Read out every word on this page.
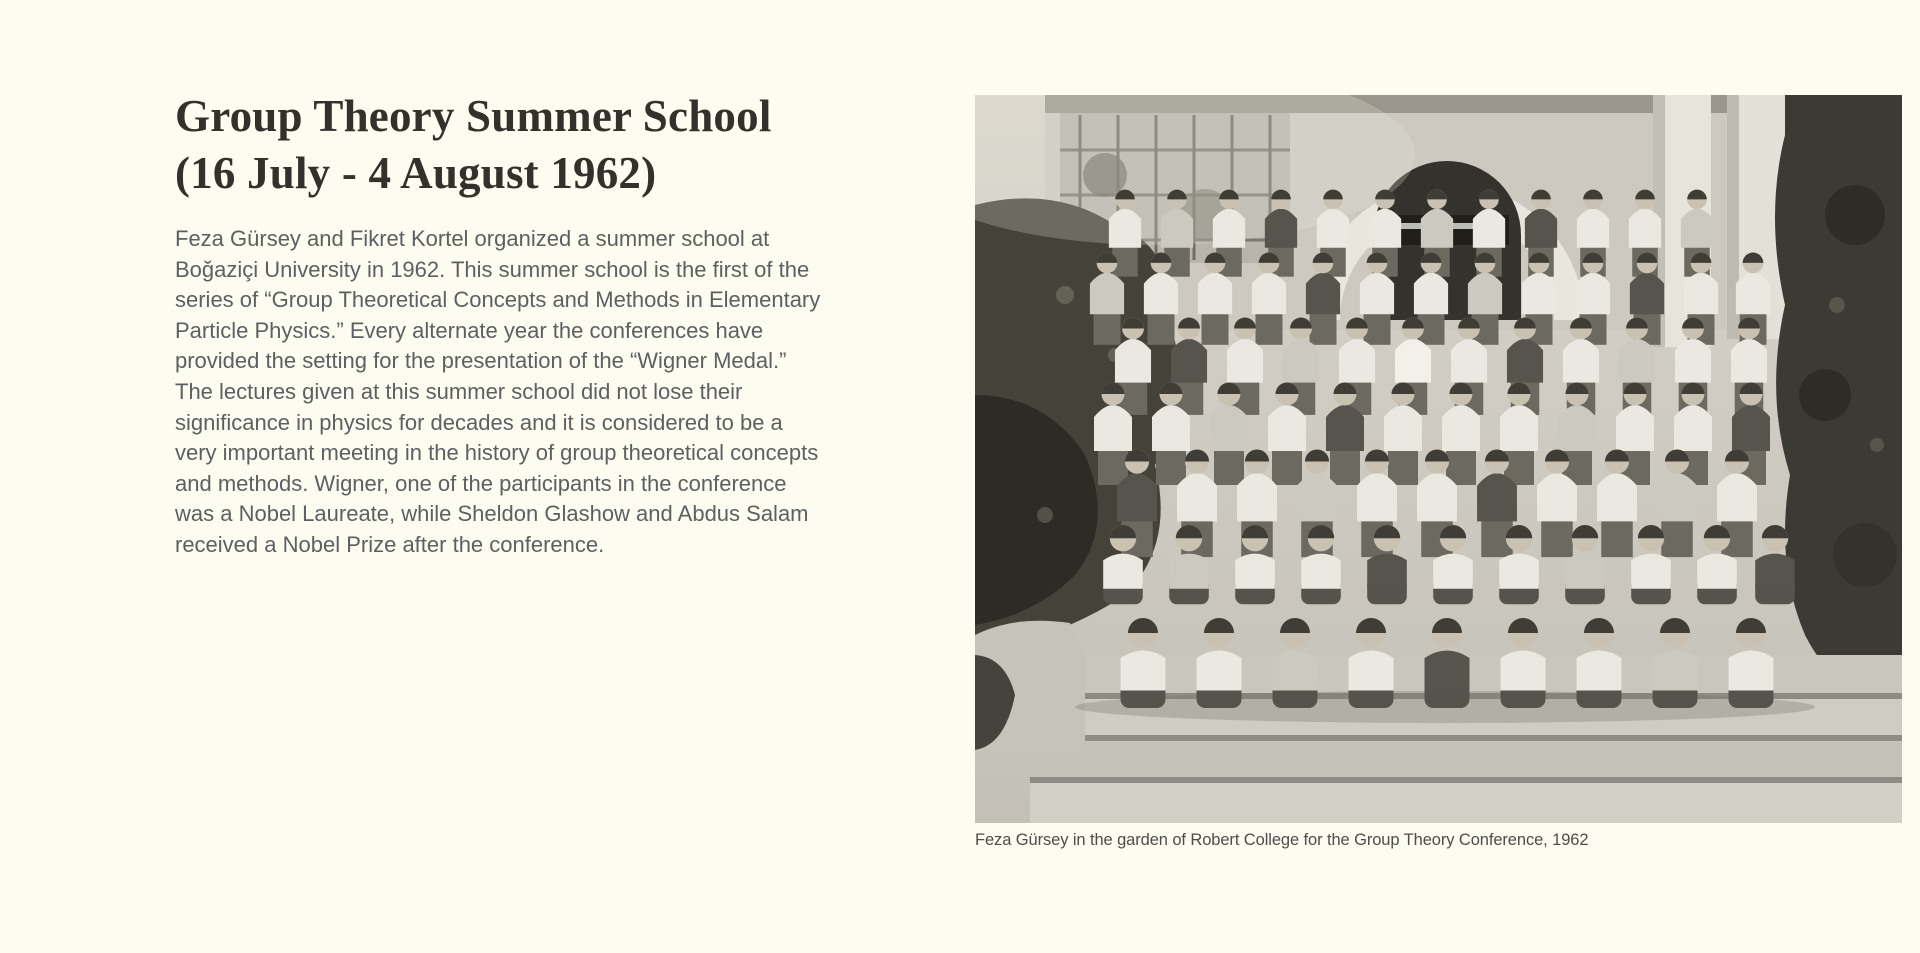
Group Theory Summer School
(16 July - 4 August 1962)

Feza Gürsey and Fikret Kortel organized a summer school at Boğaziçi University in 1962. This summer school is the first of the series of “Group Theoretical Concepts and Methods in Elementary Particle Physics.” Every alternate year the conferences have provided the setting for the presentation of the “Wigner Medal.” The lectures given at this summer school did not lose their significance in physics for decades and it is considered to be a very important meeting in the history of group theoretical concepts and methods. Wigner, one of the participants in the conference was a Nobel Laureate, while Sheldon Glashow and Abdus Salam received a Nobel Prize after the conference.

Feza Gürsey in the garden of Robert College for the Group Theory Conference, 1962
